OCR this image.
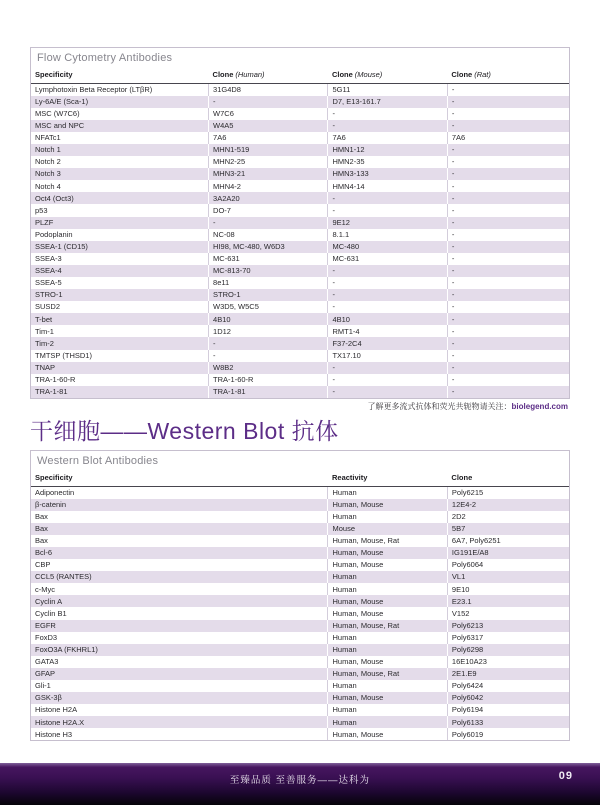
Flow Cytometry Antibodies
Specificity	Clone (Human)	Clone (Mouse)	Clone (Rat)
Lymphotoxin Beta Receptor (LTβR)	31G4D8	5G11	-
Ly-6A/E (Sca-1)	-	D7, E13-161.7	-
MSC (W7C6)	W7C6	-	-
MSC and NPC	W4A5	-	-
NFATc1	7A6	7A6	7A6
Notch 1	MHN1-519	HMN1-12	-
Notch 2	MHN2-25	HMN2-35	-
Notch 3	MHN3-21	HMN3-133	-
Notch 4	MHN4-2	HMN4-14	-
Oct4 (Oct3)	3A2A20	-	-
p53	DO-7	-	-
PLZF	-	9E12	-
Podoplanin	NC-08	8.1.1	-
SSEA-1 (CD15)	HI98, MC-480, W6D3	MC-480	-
SSEA-3	MC-631	MC-631	-
SSEA-4	MC-813-70	-	-
SSEA-5	8e11	-	-
STRO-1	STRO-1	-	-
SUSD2	W3D5, W5C5	-	-
T-bet	4B10	4B10	-
Tim-1	1D12	RMT1-4	-
Tim-2	-	F37-2C4	-
TMTSP (THSD1)	-	TX17.10	-
TNAP	W8B2	-	-
TRA-1-60-R	TRA-1-60-R	-	-
TRA-1-81	TRA-1-81	-	-
了解更多流式抗体和荧光共轭物请关注：biolegend.com
干细胞——Western Blot 抗体
Western Blot Antibodies
Specificity	Reactivity	Clone
Adiponectin	Human	Poly6215
β-catenin	Human, Mouse	12E4-2
Bax	Human	2D2
Bax	Mouse	5B7
Bax	Human, Mouse, Rat	6A7, Poly6251
Bcl-6	Human, Mouse	IG191E/A8
CBP	Human, Mouse	Poly6064
CCL5 (RANTES)	Human	VL1
c-Myc	Human	9E10
Cyclin A	Human, Mouse	E23.1
Cyclin B1	Human, Mouse	V152
EGFR	Human, Mouse, Rat	Poly6213
FoxD3	Human	Poly6317
FoxO3A (FKHRL1)	Human	Poly6298
GATA3	Human, Mouse	16E10A23
GFAP	Human, Mouse, Rat	2E1.E9
Gli-1	Human	Poly6424
GSK-3β	Human, Mouse	Poly6042
Histone H2A	Human	Poly6194
Histone H2A.X	Human	Poly6133
Histone H3	Human, Mouse	Poly6019
至臻品质 至善服务——达科为	09
